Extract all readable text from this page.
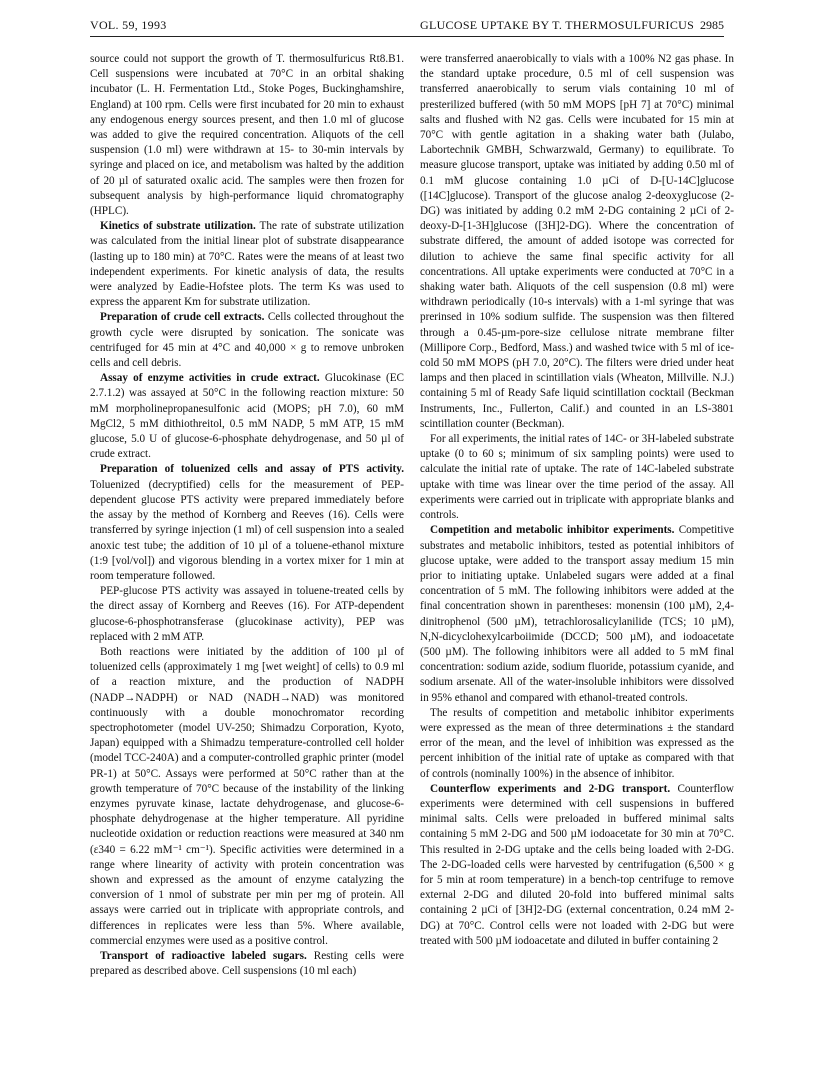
VOL. 59, 1993	GLUCOSE UPTAKE BY T. THERMOSULFURICUS 2985

source could not support the growth of T. thermosulfuricus Rt8.B1. Cell suspensions were incubated at 70°C in an orbital shaking incubator (L. H. Fermentation Ltd., Stoke Poges, Buckinghamshire, England) at 100 rpm. Cells were first incubated for 20 min to exhaust any endogenous energy sources present, and then 1.0 ml of glucose was added to give the required concentration. Aliquots of the cell suspension (1.0 ml) were withdrawn at 15- to 30-min intervals by syringe and placed on ice, and metabolism was halted by the addition of 20 µl of saturated oxalic acid. The samples were then frozen for subsequent analysis by high-performance liquid chromatography (HPLC).

Kinetics of substrate utilization. The rate of substrate utilization was calculated from the initial linear plot of substrate disappearance (lasting up to 180 min) at 70°C. Rates were the means of at least two independent experiments. For kinetic analysis of data, the results were analyzed by Eadie-Hofstee plots. The term Ks was used to express the apparent Km for substrate utilization.

Preparation of crude cell extracts. Cells collected throughout the growth cycle were disrupted by sonication. The sonicate was centrifuged for 45 min at 4°C and 40,000 × g to remove unbroken cells and cell debris.

Assay of enzyme activities in crude extract. Glucokinase (EC 2.7.1.2) was assayed at 50°C in the following reaction mixture: 50 mM morpholinepropanesulfonic acid (MOPS; pH 7.0), 60 mM MgCl2, 5 mM dithiothreitol, 0.5 mM NADP, 5 mM ATP, 15 mM glucose, 5.0 U of glucose-6-phosphate dehydrogenase, and 50 µl of crude extract.

Preparation of toluenized cells and assay of PTS activity. Toluenized (decryptified) cells for the measurement of PEP-dependent glucose PTS activity were prepared immediately before the assay by the method of Kornberg and Reeves (16). Cells were transferred by syringe injection (1 ml) of cell suspension into a sealed anoxic test tube; the addition of 10 µl of a toluene-ethanol mixture (1:9 [vol/vol]) and vigorous blending in a vortex mixer for 1 min at room temperature followed.

PEP-glucose PTS activity was assayed in toluene-treated cells by the direct assay of Kornberg and Reeves (16). For ATP-dependent glucose-6-phosphotransferase (glucokinase activity), PEP was replaced with 2 mM ATP.

Both reactions were initiated by the addition of 100 µl of toluenized cells (approximately 1 mg [wet weight] of cells) to 0.9 ml of a reaction mixture, and the production of NADPH (NADP→NADPH) or NAD (NADH→NAD) was monitored continuously with a double monochromator recording spectrophotometer (model UV-250; Shimadzu Corporation, Kyoto, Japan) equipped with a Shimadzu temperature-controlled cell holder (model TCC-240A) and a computer-controlled graphic printer (model PR-1) at 50°C. Assays were performed at 50°C rather than at the growth temperature of 70°C because of the instability of the linking enzymes pyruvate kinase, lactate dehydrogenase, and glucose-6-phosphate dehydrogenase at the higher temperature. All pyridine nucleotide oxidation or reduction reactions were measured at 340 nm (ε340 = 6.22 mM⁻¹ cm⁻¹). Specific activities were determined in a range where linearity of activity with protein concentration was shown and expressed as the amount of enzyme catalyzing the conversion of 1 nmol of substrate per min per mg of protein. All assays were carried out in triplicate with appropriate controls, and differences in replicates were less than 5%. Where available, commercial enzymes were used as a positive control.

Transport of radioactive labeled sugars. Resting cells were prepared as described above. Cell suspensions (10 ml each)

were transferred anaerobically to vials with a 100% N2 gas phase. In the standard uptake procedure, 0.5 ml of cell suspension was transferred anaerobically to serum vials containing 10 ml of presterilized buffered (with 50 mM MOPS [pH 7] at 70°C) minimal salts and flushed with N2 gas. Cells were incubated for 15 min at 70°C with gentle agitation in a shaking water bath (Julabo, Labortechnik GMBH, Schwarzwald, Germany) to equilibrate. To measure glucose transport, uptake was initiated by adding 0.50 ml of 0.1 mM glucose containing 1.0 µCi of D-[U-14C]glucose ([14C]glucose). Transport of the glucose analog 2-deoxyglucose (2-DG) was initiated by adding 0.2 mM 2-DG containing 2 µCi of 2-deoxy-D-[1-3H]glucose ([3H]2-DG). Where the concentration of substrate differed, the amount of added isotope was corrected for dilution to achieve the same final specific activity for all concentrations. All uptake experiments were conducted at 70°C in a shaking water bath. Aliquots of the cell suspension (0.8 ml) were withdrawn periodically (10-s intervals) with a 1-ml syringe that was prerinsed in 10% sodium sulfide. The suspension was then filtered through a 0.45-µm-pore-size cellulose nitrate membrane filter (Millipore Corp., Bedford, Mass.) and washed twice with 5 ml of ice-cold 50 mM MOPS (pH 7.0, 20°C). The filters were dried under heat lamps and then placed in scintillation vials (Wheaton, Millville. N.J.) containing 5 ml of Ready Safe liquid scintillation cocktail (Beckman Instruments, Inc., Fullerton, Calif.) and counted in an LS-3801 scintillation counter (Beckman).

For all experiments, the initial rates of 14C- or 3H-labeled substrate uptake (0 to 60 s; minimum of six sampling points) were used to calculate the initial rate of uptake. The rate of 14C-labeled substrate uptake with time was linear over the time period of the assay. All experiments were carried out in triplicate with appropriate blanks and controls.

Competition and metabolic inhibitor experiments. Competitive substrates and metabolic inhibitors, tested as potential inhibitors of glucose uptake, were added to the transport assay medium 15 min prior to initiating uptake. Unlabeled sugars were added at a final concentration of 5 mM. The following inhibitors were added at the final concentration shown in parentheses: monensin (100 µM), 2,4-dinitrophenol (500 µM), tetrachlorosalicylanilide (TCS; 10 µM), N,N-dicyclohexylcarboiimide (DCCD; 500 µM), and iodoacetate (500 µM). The following inhibitors were all added to 5 mM final concentration: sodium azide, sodium fluoride, potassium cyanide, and sodium arsenate. All of the water-insoluble inhibitors were dissolved in 95% ethanol and compared with ethanol-treated controls.

The results of competition and metabolic inhibitor experiments were expressed as the mean of three determinations ± the standard error of the mean, and the level of inhibition was expressed as the percent inhibition of the initial rate of uptake as compared with that of controls (nominally 100%) in the absence of inhibitor.

Counterflow experiments and 2-DG transport. Counterflow experiments were determined with cell suspensions in buffered minimal salts. Cells were preloaded in buffered minimal salts containing 5 mM 2-DG and 500 µM iodoacetate for 30 min at 70°C. This resulted in 2-DG uptake and the cells being loaded with 2-DG. The 2-DG-loaded cells were harvested by centrifugation (6,500 × g for 5 min at room temperature) in a bench-top centrifuge to remove external 2-DG and diluted 20-fold into buffered minimal salts containing 2 µCi of [3H]2-DG (external concentration, 0.24 mM 2-DG) at 70°C. Control cells were not loaded with 2-DG but were treated with 500 µM iodoacetate and diluted in buffer containing 2
